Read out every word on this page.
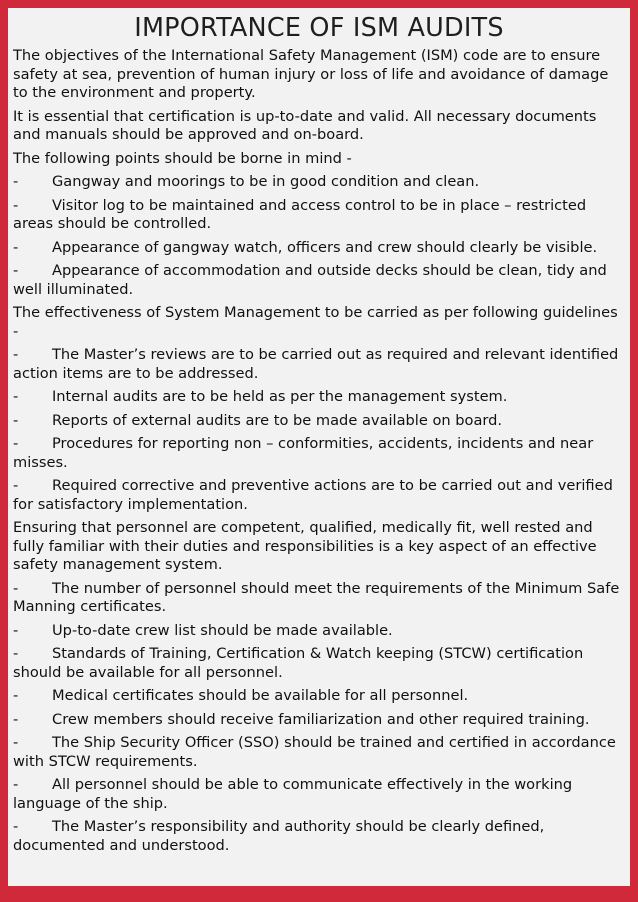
IMPORTANCE OF ISM AUDITS
The objectives of the International Safety Management (ISM) code are to ensure safety at sea, prevention of human injury or loss of life and avoidance of damage to the environment and property.
It is essential that certification is up-to-date and valid. All necessary documents and manuals should be approved and on-board.
The following points should be borne in mind -
- Gangway and moorings to be in good condition and clean.
- Visitor log to be maintained and access control to be in place – restricted areas should be controlled.
- Appearance of gangway watch, officers and crew should clearly be visible.
- Appearance of accommodation and outside decks should be clean, tidy and well illuminated.
The effectiveness of System Management to be carried as per following guidelines -
- The Master’s reviews are to be carried out as required and relevant identified action items are to be addressed.
- Internal audits are to be held as per the management system.
- Reports of external audits are to be made available on board.
- Procedures for reporting non – conformities, accidents, incidents and near misses.
- Required corrective and preventive actions are to be carried out and verified for satisfactory implementation.
Ensuring that personnel are competent, qualified, medically fit, well rested and fully familiar with their duties and responsibilities is a key aspect of an effective safety management system.
- The number of personnel should meet the requirements of the Minimum Safe Manning certificates.
- Up-to-date crew list should be made available.
- Standards of Training, Certification & Watch keeping (STCW) certification should be available for all personnel.
- Medical certificates should be available for all personnel.
- Crew members should receive familiarization and other required training.
- The Ship Security Officer (SSO) should be trained and certified in accordance with STCW requirements.
- All personnel should be able to communicate effectively in the working language of the ship.
- The Master’s responsibility and authority should be clearly defined, documented and understood.
